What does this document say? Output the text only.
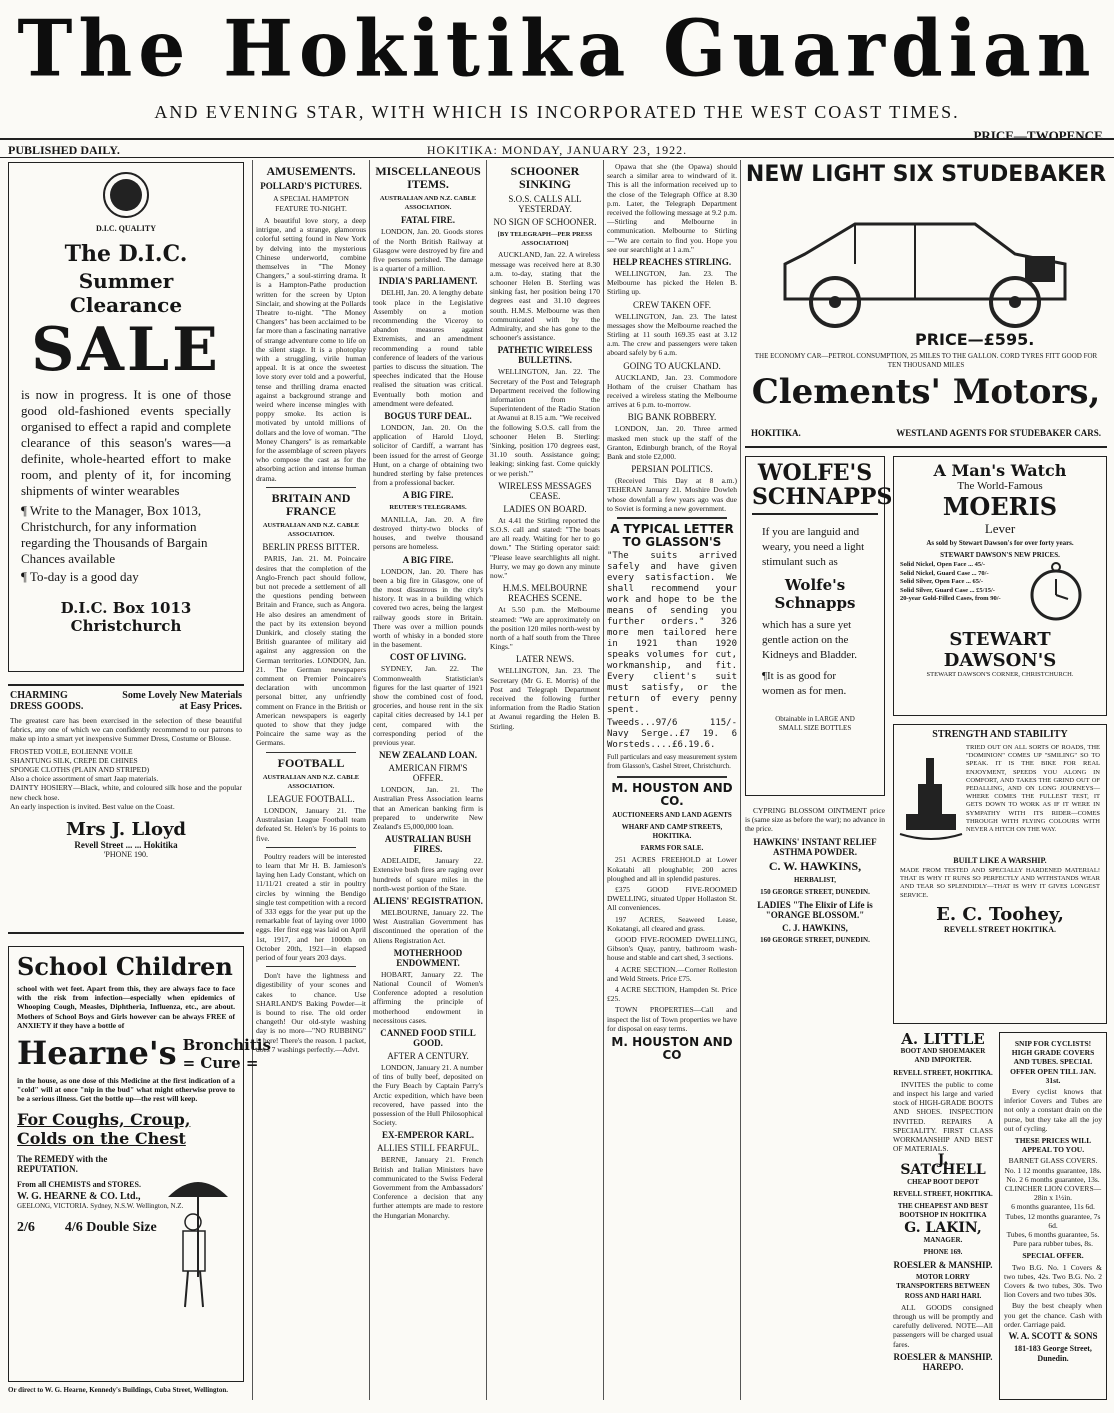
The Hokitika Guardian
AND EVENING STAR, WITH WHICH IS INCORPORATED THE WEST COAST TIMES.
PRICE—TWOPENCE.
PUBLISHED DAILY.	HOKITIKA: MONDAY, JANUARY 23, 1922.
D.I.C. QUALITY
The D.I.C.
Summer Clearance
SALE
is now in progress. It is one of those good old-fashioned events specially organised to effect a rapid and complete clearance of this season's wares—a definite, whole-hearted effort to make room, and plenty of it, for incoming shipments of winter wearables
¶ Write to the Manager, Box 1013, Christchurch, for any information regarding the Thousands of Bargain Chances available
¶ To-day is a good day
D.I.C. Box 1013 Christchurch
CHARMING DRESS GOODS.
Some Lovely New Materials at Easy Prices.
The greatest care has been exercised in the selection of these beautiful fabrics, any one of which we can confidently recommend to our patrons to make up into a smart yet inexpensive Summer Dress, Costume or Blouse.
FROSTED VOILE, EOLIENNE VOILE
SHANTUNG SILK, CREPE DE CHINES
SPONGE CLOTHS (PLAIN AND STRIPED)
Also a choice assortment of smart Jaap materials.
DAINTY HOSIERY—Black, white, and coloured silk hose and the popular new check hose.
An early inspection is invited. Best value on the Coast.
Mrs J. Lloyd
Revell Street ... ... Hokitika
'PHONE 190.
School Children
school with wet feet. Apart from this, they are always face to face with the risk from infection—especially when epidemics of Whooping Cough, Measles, Diphtheria, Influenza, etc., are about. Mothers of School Boys and Girls however can be always FREE of ANXIETY if they have a bottle of
Hearne's Bronchitis
= Cure =
in the house, as one dose of this Medicine at the first indication of a "cold" will at once "nip in the bud" what might otherwise prove to be a serious illness. Get the bottle up—the rest will keep.
For Coughs, Croup, Colds on the Chest
The REMEDY with the REPUTATION.
From all CHEMISTS and STORES.
W. G. HEARNE & CO. Ltd.,
GEELONG, VICTORIA. Sydney, N.S.W. Wellington, N.Z.
2/6 4/6 Double Size
Or direct to W. G. Hearne, Kennedy's Buildings, Cuba Street, Wellington.
AMUSEMENTS.
POLLARD'S PICTURES.
A SPECIAL HAMPTON FEATURE TO-NIGHT.

A beautiful love story, a deep intrigue, and a strange, glamorous colorful setting found in New York by delving into the mysterious Chinese underworld, combine themselves in "The Money Changers," a soul-stirring drama. It is a Hampton-Pathe production written for the screen by Upton Sinclair, and showing at the Pollards Theatre to-night. "The Money Changers" has been acclaimed to be far more than a fascinating narrative of strange adventure come to life on the silent stage. It is a photoplay with a struggling, virile human appeal. It is at once the sweetest love story ever told and a powerful, tense and thrilling drama enacted against a background strange and weird where incense mingles with poppy smoke. Its action is motivated by untold millions of dollars and the love of woman. "The Money Changers" is as remarkable for the assemblage of screen players who compose the cast as for the absorbing action and intense human drama.

BRITAIN AND FRANCE
AUSTRALIAN AND N.Z. CABLE ASSOCIATION.
BERLIN PRESS BITTER.

PARIS, Jan. 21. M. Poincaire desires that the completion of the Anglo-French pact should follow, but not precede a settlement of all the questions pending between Britain and France, such as Angora. He also desires an amendment of the pact by its extension beyond Dunkirk, and closely stating the British guarantee of military aid against any aggression on the German territories. LONDON, Jan. 21. The German newspapers comment on Premier Poincaire's declaration with uncommon personal bitter, any unfriendly comment on France in the British or American newspapers is eagerly quoted to show that they judge Poincaire the same way as the Germans.

FOOTBALL
AUSTRALIAN AND N.Z. CABLE ASSOCIATION.
LEAGUE FOOTBALL.

LONDON, January 21. The Australasian League Football team defeated St. Helen's by 16 points to five.

Poultry readers will be interested to learn that Mr H. B. Jamieson's laying hen Lady Constant, which on 11/11/21 created a stir in poultry circles by winning the Bendigo single test competition with a record of 333 eggs for the year put up the remarkable feat of laying over 1000 eggs. Her first egg was laid on April 1st, 1917, and her 1000th on October 20th, 1921—in elapsed period of four years 203 days.

Don't have the lightness and digestibility of your scones and cakes to chance. Use SHARLAND'S Baking Powder—it is bound to rise. The old order changeth! Our old-style washing day is no more—"NO RUBBING" is here! There's the reason. 1 packet, does 7 washings perfectly.—Advt.

MISCELLANEOUS ITEMS.
AUSTRALIAN AND N.Z. CABLE ASSOCIATION.
FATAL FIRE.

LONDON, Jan. 20. Goods stores of the North British Railway at Glasgow were destroyed by fire and five persons perished. The damage is a quarter of a million.

INDIA'S PARLIAMENT.

DELHI, Jan. 20. A lengthy debate took place in the Legislative Assembly on a motion recommending the Viceroy to abandon measures against Extremists, and an amendment recommending a round table conference of leaders of the various parties to discuss the situation. The speeches indicated that the House realised the situation was critical. Eventually both motion and amendment were defeated.

BOGUS TURF DEAL.

LONDON, Jan. 20. On the application of Harold Lloyd, solicitor of Cardiff, a warrant has been issued for the arrest of George Hunt, on a charge of obtaining two hundred sterling by false pretences from a professional backer.

A BIG FIRE.
REUTER'S TELEGRAMS.

MANILLA, Jan. 20. A fire destroyed thirty-two blocks of houses, and twelve thousand persons are homeless.

A BIG FIRE.

LONDON, Jan. 20. There has been a big fire in Glasgow, one of the most disastrous in the city's history. It was in a building which covered two acres, being the largest railway goods store in Britain. There was over a million pounds worth of whisky in a bonded store in the basement.

COST OF LIVING.

SYDNEY, Jan. 22. The Commonwealth Statistician's figures for the last quarter of 1921 show the combined cost of food, groceries, and house rent in the six capital cities decreased by 14.1 per cent, compared with the corresponding period of the previous year.

NEW ZEALAND LOAN.
AMERICAN FIRM'S OFFER.

LONDON, Jan. 21. The Australian Press Association learns that an American banking firm is prepared to underwrite New Zealand's £5,000,000 loan.

AUSTRALIAN BUSH FIRES.

ADELAIDE, January 22. Extensive bush fires are raging over hundreds of square miles in the north-west portion of the State.

ALIENS' REGISTRATION.

MELBOURNE, January 22. The West Australian Government has discontinued the operation of the Aliens Registration Act.

MOTHERHOOD ENDOWMENT.

HOBART, January 22. The National Council of Women's Conference adopted a resolution affirming the principle of motherhood endowment in necessitous cases.

CANNED FOOD STILL GOOD.
AFTER A CENTURY.

LONDON, January 21. A number of tins of bully beef, deposited on the Fury Beach by Captain Parry's Arctic expedition, which have been recovered, have passed into the possession of the Hull Philosophical Society.

EX-EMPEROR KARL.
ALLIES STILL FEARFUL.

BERNE, January 21. French British and Italian Ministers have communicated to the Swiss Federal Government from the Ambassadors' Conference a decision that any further attempts are made to restore the Hungarian Monarchy.

SCHOONER SINKING
S.O.S. CALLS ALL YESTERDAY.
NO SIGN OF SCHOONER.
[BY TELEGRAPH—PER PRESS ASSOCIATION]

AUCKLAND, Jan. 22. A wireless message was received here at 8.30 a.m. to-day, stating that the schooner Helen B. Sterling was sinking fast, her position being 170 degrees east and 31.10 degrees south. H.M.S. Melbourne was then communicated with by the Admiralty, and she has gone to the schooner's assistance.

PATHETIC WIRELESS BULLETINS.

WELLINGTON, Jan. 22. The Secretary of the Post and Telegraph Department received the following information from the Superintendent of the Radio Station at Awanui at 8.15 a.m. "We received the following S.O.S. call from the schooner Helen B. Sterling: 'Sinking, position 170 degrees east, 31.10 south. Assistance going; leaking; sinking fast. Come quickly or we perish.'"

WIRELESS MESSAGES CEASE.
LADIES ON BOARD.

At 4.41 the Stirling reported the S.O.S. call and stated: "The boats are all ready. Waiting for her to go down." The Stirling operator said: "Please leave searchlights all night. Hurry, we may go down any minute now."

H.M.S. MELBOURNE REACHES SCENE.

At 5.50 p.m. the Melbourne steamed: "We are approximately on the position 120 miles north-west by north of a half south from the Three Kings."

LATER NEWS.

WELLINGTON, Jan. 23. The Secretary (Mr G. E. Morris) of the Post and Telegraph Department received the following further information from the Radio Station at Awanui regarding the Helen B. Stirling.

Opawa that she (the Opawa) should search a similar area to windward of it. This is all the information received up to the close of the Telegraph Office at 8.30 p.m. Later, the Telegraph Department received the following message at 9.2 p.m.—Stirling and Melbourne in communication. Melbourne to Stirling—"We are certain to find you. Hope you see our searchlight at 1 a.m."

HELP REACHES STIRLING.

WELLINGTON, Jan. 23. The Melbourne has picked the Helen B. Stirling up.

CREW TAKEN OFF.

WELLINGTON, Jan. 23. The latest messages show the Melbourne reached the Stirling at 11 south 169.35 east at 3.12 a.m. The crew and passengers were taken aboard safely by 6 a.m.

GOING TO AUCKLAND.

AUCKLAND, Jan. 23. Commodore Hotham of the cruiser Chatham has received a wireless stating the Melbourne arrives at 6 p.m. to-morrow.

BIG BANK ROBBERY.

LONDON, Jan. 20. Three armed masked men stuck up the staff of the Granton, Edinburgh branch, of the Royal Bank and stole £2,000.

PERSIAN POLITICS.

(Received This Day at 8 a.m.) TEHERAN January 21. Moshire Dowleh whose downfall a few years ago was due to Soviet is forming a new government.

A TYPICAL LETTER TO GLASSON'S
"The suits arrived safely and have given every satisfaction. We shall recommend your work and hope to be the means of sending you further orders." 326 more men tailored here in 1921 than 1920 speaks volumes for cut, workmanship, and fit. Every client's suit must satisfy, or the return of every penny spent.
Tweeds...97/6 115/- Navy Serge..£7 19. 6 Worsteds....£6.19.6.
Full particulars and easy measurement system from Glasson's, Cashel Street, Christchurch.
M. HOUSTON AND CO.
AUCTIONEERS AND LAND AGENTS
WHARF AND CAMP STREETS, HOKITIKA.
FARMS FOR SALE.

251 ACRES FREEHOLD at Lower Kokatahi all ploughable; 200 acres ploughed and all in splendid pastures.

£375 GOOD FIVE-ROOMED DWELLING, situated Upper Hollaston St. All conveniences.

197 ACRES, Seaweed Lease, Kokatangi, all cleared and grass.

GOOD FIVE-ROOMED DWELLING, Gibson's Quay, pantry, bathroom wash-house and stable and cart shed, 3 sections.

4 ACRE SECTION.—Corner Rolleston and Weld Streets. Price £75.

4 ACRE SECTION, Hampden St. Price £25.

TOWN PROPERTIES—Call and inspect the list of Town properties we have for disposal on easy terms.

M. HOUSTON AND CO
NEW LIGHT SIX STUDEBAKER
PRICE—£595.
THE ECONOMY CAR—PETROL CONSUMPTION, 25 MILES TO THE GALLON. CORD TYRES FITT GOOD FOR TEN THOUSAND MILES
Clements' Motors,
HOKITIKA.	WESTLAND AGENTS FOR STUDEBAKER CARS.
WOLFE'S SCHNAPPS
If you are languid and weary, you need a light stimulant such as
Wolfe's Schnapps
which has a sure yet gentle action on the Kidneys and Bladder.
¶It is as good for women as for men.
Obtainable in LARGE AND SMALL SIZE BOTTLES
A Man's Watch
The World-Famous
MOERIS
Lever
As sold by Stewart Dawson's for over forty years.
STEWART DAWSON'S NEW PRICES.
Solid Nickel, Open Face ... 45/-
Solid Nickel, Guard Case ... 70/-
Solid Silver, Open Face ... 65/-
Solid Silver, Guard Case ... £5/15/-
20-year Gold-Filled Cases, from 90/-
STEWART DAWSON'S
STEWART DAWSON'S CORNER, CHRISTCHURCH.
STRENGTH AND STABILITY
TRIED OUT ON ALL SORTS OF ROADS, THE "DOMINION" COMES UP "SMILING" SO TO SPEAK. IT IS THE BIKE FOR REAL ENJOYMENT, SPEEDS YOU ALONG IN COMFORT, AND TAKES THE GRIND OUT OF PEDALLING, AND ON LONG JOURNEYS—WHERE COMES THE FULLEST TEST, IT GETS DOWN TO WORK AS IF IT WERE IN SYMPATHY WITH ITS RIDER—COMES THROUGH WITH FLYING COLOURS WITH NEVER A HITCH ON THE WAY.
BUILT LIKE A WARSHIP.
MADE FROM TESTED AND SPECIALLY HARDENED MATERIAL! THAT IS WHY IT RUNS SO PERFECTLY AND WITHSTANDS WEAR AND TEAR SO SPLENDIDLY—THAT IS WHY IT GIVES LONGEST SERVICE.
E. C. Toohey,
REVELL STREET HOKITIKA.

CYPRING BLOSSOM OINTMENT price is (same size as before the war); no advance in the price.

HAWKINS' INSTANT RELIEF ASTHMA POWDER.
C. W. HAWKINS,
HERBALIST,
150 GEORGE STREET, DUNEDIN.
LADIES "The Elixir of Life is "ORANGE BLOSSOM."
C. J. HAWKINS,
160 GEORGE STREET, DUNEDIN.
A. LITTLE
BOOT AND SHOEMAKER AND IMPORTER.
REVELL STREET, HOKITIKA.

INVITES the public to come and inspect his large and varied stock of HIGH-GRADE BOOTS AND SHOES. INSPECTION INVITED. REPAIRS A SPECIALITY. FIRST CLASS WORKMANSHIP AND BEST OF MATERIALS.

J. SATCHELL
CHEAP BOOT DEPOT
REVELL STREET, HOKITIKA.
THE CHEAPEST AND BEST BOOTSHOP IN HOKITIKA
G. LAKIN,
MANAGER.
PHONE 169.
ROESLER & MANSHIP.
MOTOR LORRY TRANSPORTERS BETWEEN ROSS AND HARI HARI.

ALL GOODS consigned through us will be promptly and carefully delivered. NOTE—All passengers will be charged usual fares.

ROESLER & MANSHIP. HAREPO.
SNIP FOR CYCLISTS! HIGH GRADE COVERS AND TUBES. SPECIAL OFFER OPEN TILL JAN. 31st.

Every cyclist knows that inferior Covers and Tubes are not only a constant drain on the purse, but they take all the joy out of cycling.

THESE PRICES WILL APPEAL TO YOU.
BARNET GLASS COVERS.
No. 1 12 months guarantee, 18s.
No. 2 6 months guarantee, 13s.
CLINCHER LION COVERS—
28in x 1½in.
6 months guarantee, 11s 6d.
Tubes, 12 months guarantee, 7s 6d.
Tubes, 6 months guarantee, 5s.
Pure para rubber tubes, 8s.
SPECIAL OFFER.

Two B.G. No. 1 Covers & two tubes, 42s. Two B.G. No. 2 Covers & two tubes, 30s. Two lion Covers and two tubes 30s.

Buy the best cheaply when you get the chance. Cash with order. Carriage paid.

W. A. SCOTT & SONS
181-183 George Street, Dunedin.
